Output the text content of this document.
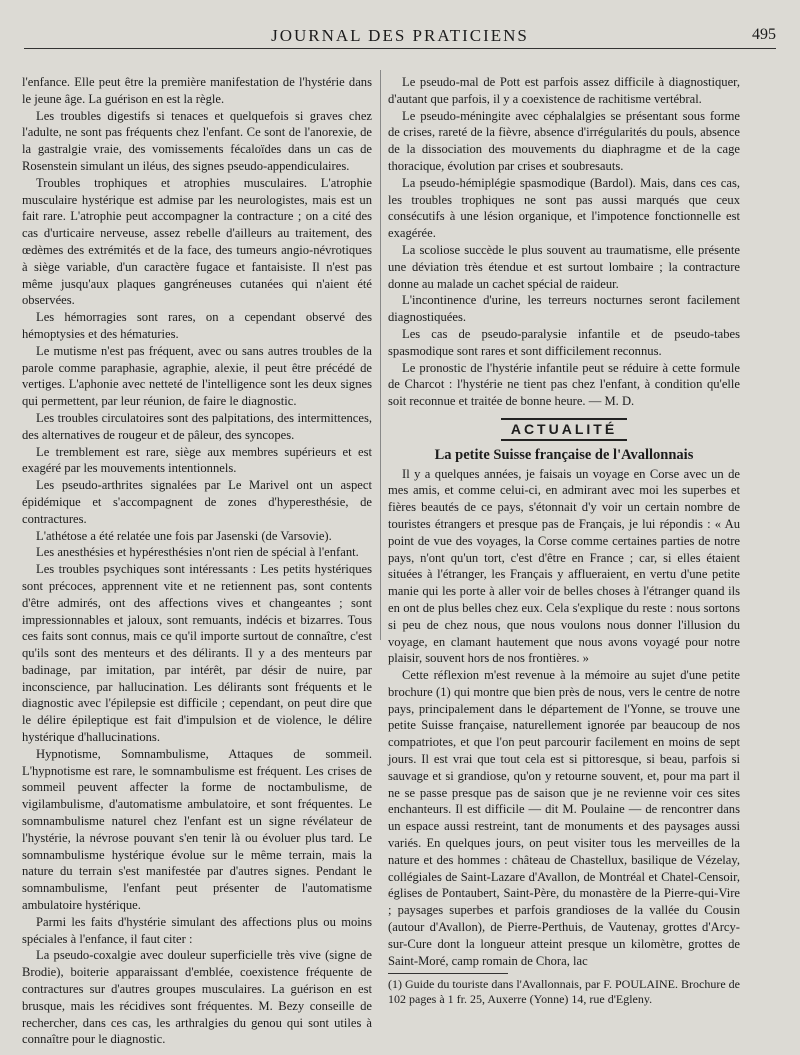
JOURNAL DES PRATICIENS	495

l'enfance. Elle peut être la première manifestation de l'hystérie dans le jeune âge. La guérison en est la règle.

Les troubles digestifs si tenaces et quelquefois si graves chez l'adulte, ne sont pas fréquents chez l'enfant. Ce sont de l'anorexie, de la gastralgie vraie, des vomissements fécaloïdes dans un cas de Rosenstein simulant un iléus, des signes pseudo-appendiculaires.

Troubles trophiques et atrophies musculaires. L'atrophie musculaire hystérique est admise par les neurologistes, mais est un fait rare. L'atrophie peut accompagner la contracture ; on a cité des cas d'urticaire nerveuse, assez rebelle d'ailleurs au traitement, des œdèmes des extrémités et de la face, des tumeurs angio-névrotiques à siège variable, d'un caractère fugace et fantaisiste. Il n'est pas même jusqu'aux plaques gangréneuses cutanées qui n'aient été observées.

Les hémorragies sont rares, on a cependant observé des hémoptysies et des hématuries.

Le mutisme n'est pas fréquent, avec ou sans autres troubles de la parole comme paraphasie, agraphie, alexie, il peut être précédé de vertiges. L'aphonie avec netteté de l'intelligence sont les deux signes qui permettent, par leur réunion, de faire le diagnostic.

Les troubles circulatoires sont des palpitations, des intermittences, des alternatives de rougeur et de pâleur, des syncopes.

Le tremblement est rare, siège aux membres supérieurs et est exagéré par les mouvements intentionnels.

Les pseudo-arthrites signalées par Le Marivel ont un aspect épidémique et s'accompagnent de zones d'hyperesthésie, de contractures.

L'athétose a été relatée une fois par Jasenski (de Varsovie).

Les anesthésies et hypéresthésies n'ont rien de spécial à l'enfant.

Les troubles psychiques sont intéressants : Les petits hystériques sont précoces, apprennent vite et ne retiennent pas, sont contents d'être admirés, ont des affections vives et changeantes ; sont impressionnables et jaloux, sont remuants, indécis et bizarres. Tous ces faits sont connus, mais ce qu'il importe surtout de connaître, c'est qu'ils sont des menteurs et des délirants. Il y a des menteurs par badinage, par imitation, par intérêt, par désir de nuire, par inconscience, par hallucination. Les délirants sont fréquents et le diagnostic avec l'épilepsie est difficile ; cependant, on peut dire que le délire épileptique est fait d'impulsion et de violence, le délire hystérique d'hallucinations.

Hypnotisme, Somnambulisme, Attaques de sommeil. L'hypnotisme est rare, le somnambulisme est fréquent. Les crises de sommeil peuvent affecter la forme de noctambulisme, de vigilambulisme, d'automatisme ambulatoire, et sont fréquentes. Le somnambulisme naturel chez l'enfant est un signe révélateur de l'hystérie, la névrose pouvant s'en tenir là ou évoluer plus tard. Le somnambulisme hystérique évolue sur le même terrain, mais la nature du terrain s'est manifestée par d'autres signes. Pendant le somnambulisme, l'enfant peut présenter de l'automatisme ambulatoire hystérique.

Parmi les faits d'hystérie simulant des affections plus ou moins spéciales à l'enfance, il faut citer :

La pseudo-coxalgie avec douleur superficielle très vive (signe de Brodie), boiterie apparaissant d'emblée, coexistence fréquente de contractures sur d'autres groupes musculaires. La guérison en est brusque, mais les récidives sont fréquentes. M. Bezy conseille de rechercher, dans ces cas, les arthralgies du genou qui sont utiles à connaître pour le diagnostic.

Le pseudo-mal de Pott est parfois assez difficile à diagnostiquer, d'autant que parfois, il y a coexistence de rachitisme vertébral.

Le pseudo-méningite avec céphalalgies se présentant sous forme de crises, rareté de la fièvre, absence d'irrégularités du pouls, absence de la dissociation des mouvements du diaphragme et de la cage thoracique, évolution par crises et soubresauts.

La pseudo-hémiplégie spasmodique (Bardol). Mais, dans ces cas, les troubles trophiques ne sont pas aussi marqués que ceux consécutifs à une lésion organique, et l'impotence fonctionnelle est exagérée.

La scoliose succède le plus souvent au traumatisme, elle présente une déviation très étendue et est surtout lombaire ; la contracture donne au malade un cachet spécial de raideur.

L'incontinence d'urine, les terreurs nocturnes seront facilement diagnostiquées.

Les cas de pseudo-paralysie infantile et de pseudo-tabes spasmodique sont rares et sont difficilement reconnus.

Le pronostic de l'hystérie infantile peut se réduire à cette formule de Charcot : l'hystérie ne tient pas chez l'enfant, à condition qu'elle soit reconnue et traitée de bonne heure. — M. D.

ACTUALITÉ
La petite Suisse française de l'Avallonnais

Il y a quelques années, je faisais un voyage en Corse avec un de mes amis, et comme celui-ci, en admirant avec moi les superbes et fières beautés de ce pays, s'étonnait d'y voir un certain nombre de touristes étrangers et presque pas de Français, je lui répondis : « Au point de vue des voyages, la Corse comme certaines parties de notre pays, n'ont qu'un tort, c'est d'être en France ; car, si elles étaient situées à l'étranger, les Français y afflueraient, en vertu d'une petite manie qui les porte à aller voir de belles choses à l'étranger quand ils en ont de plus belles chez eux. Cela s'explique du reste : nous sortons si peu de chez nous, que nous voulons nous donner l'illusion du voyage, en clamant hautement que nous avons voyagé pour notre plaisir, souvent hors de nos frontières. »

Cette réflexion m'est revenue à la mémoire au sujet d'une petite brochure (1) qui montre que bien près de nous, vers le centre de notre pays, principalement dans le département de l'Yonne, se trouve une petite Suisse française, naturellement ignorée par beaucoup de nos compatriotes, et que l'on peut parcourir facilement en moins de sept jours. Il est vrai que tout cela est si pittoresque, si beau, parfois si sauvage et si grandiose, qu'on y retourne souvent, et, pour ma part il ne se passe presque pas de saison que je ne revienne voir ces sites enchanteurs. Il est difficile — dit M. Poulaine — de rencontrer dans un espace aussi restreint, tant de monuments et des paysages aussi variés. En quelques jours, on peut visiter tous les merveilles de la nature et des hommes : château de Chastellux, basilique de Vézelay, collégiales de Saint-Lazare d'Avallon, de Montréal et Chatel-Censoir, églises de Pontaubert, Saint-Père, du monastère de la Pierre-qui-Vire ; paysages superbes et parfois grandioses de la vallée du Cousin (autour d'Avallon), de Pierre-Perthuis, de Vautenay, grottes d'Arcy-sur-Cure dont la longueur atteint presque un kilomètre, grottes de Saint-Moré, camp romain de Chora, lac

(1) Guide du touriste dans l'Avallonnais, par F. POULAINE. Brochure de 102 pages à 1 fr. 25, Auxerre (Yonne) 14, rue d'Egleny.
